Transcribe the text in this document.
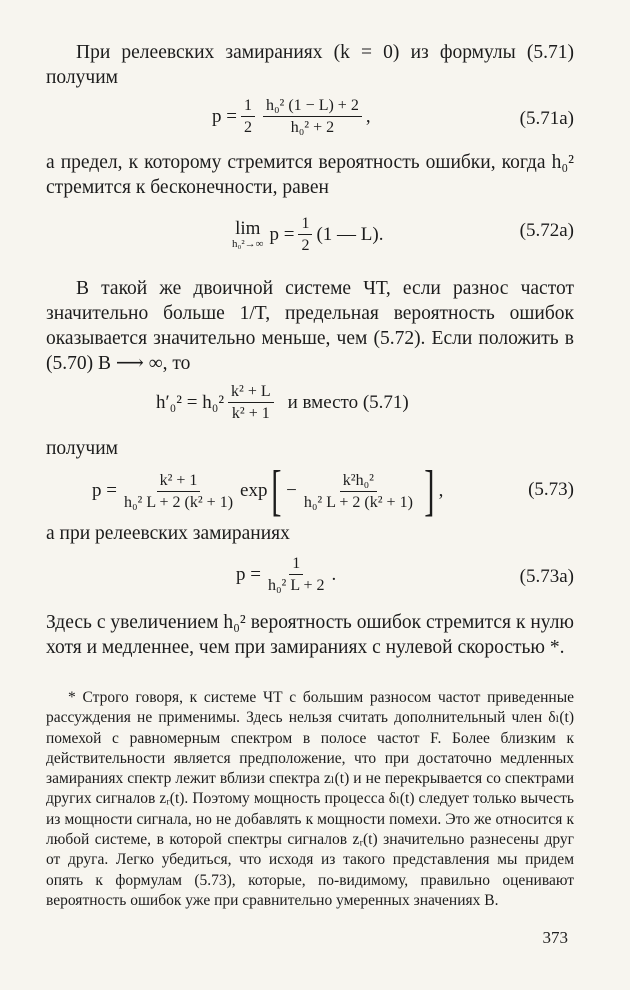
При релеевских замираниях (k = 0) из формулы (5.71) получим

$p = \frac{1}{2} \frac{\text{h₀² (1 − L) + 2}}{\text{h₀² + 2}}$ ,	(5.71a)

а предел, к которому стремится вероятность ошибки, когда h₀² стремится к бесконечности, равен

lim
h₀²→∞ $p = \frac{1}{2} (1$ — L).	(5.72a)

В такой же двоичной системе ЧТ, если разнос частот значительно больше 1/T, предельная вероятность ошибок оказывается значительно меньше, чем (5.72). Если положить в (5.70) B ⟶ ∞, то

$h'_0^2 = h_0^2 \frac{\text{k² + L}}{\text{k² + 1}}$ и вместо (5.71)

получим

$p = \frac{\text{k² + 1}}{\text{h₀² L + 2 (k² + 1)}}$ exp [ − $\frac{\text{k²h₀²}}{\text{h₀² L + 2 (k² + 1)}}$ ] ,	(5.73)

а при релеевских замираниях

$p = \frac{1}{\text{h₀² L + 2}}$ .	(5.73a)

Здесь с увеличением h₀² вероятность ошибок стремится к нулю хотя и медленнее, чем при замираниях с нулевой скоростью *.

* Строго говоря, к системе ЧТ с большим разносом частот приведенные рассуждения не применимы. Здесь нельзя считать дополнительный член δₗ(t) помехой с равномерным спектром в полосе частот F. Более близким к действительности является предположение, что при достаточно медленных замираниях спектр лежит вблизи спектра zₗ(t) и не перекрывается со спектрами других сигналов zᵣ(t). Поэтому мощность процесса δₗ(t) следует только вычесть из мощности сигнала, но не добавлять к мощности помехи. Это же относится к любой системе, в которой спектры сигналов zᵣ(t) значительно разнесены друг от друга. Легко убедиться, что исходя из такого представления мы придем опять к формулам (5.73), которые, по-видимому, правильно оценивают вероятность ошибок уже при сравнительно умеренных значениях B.

373
